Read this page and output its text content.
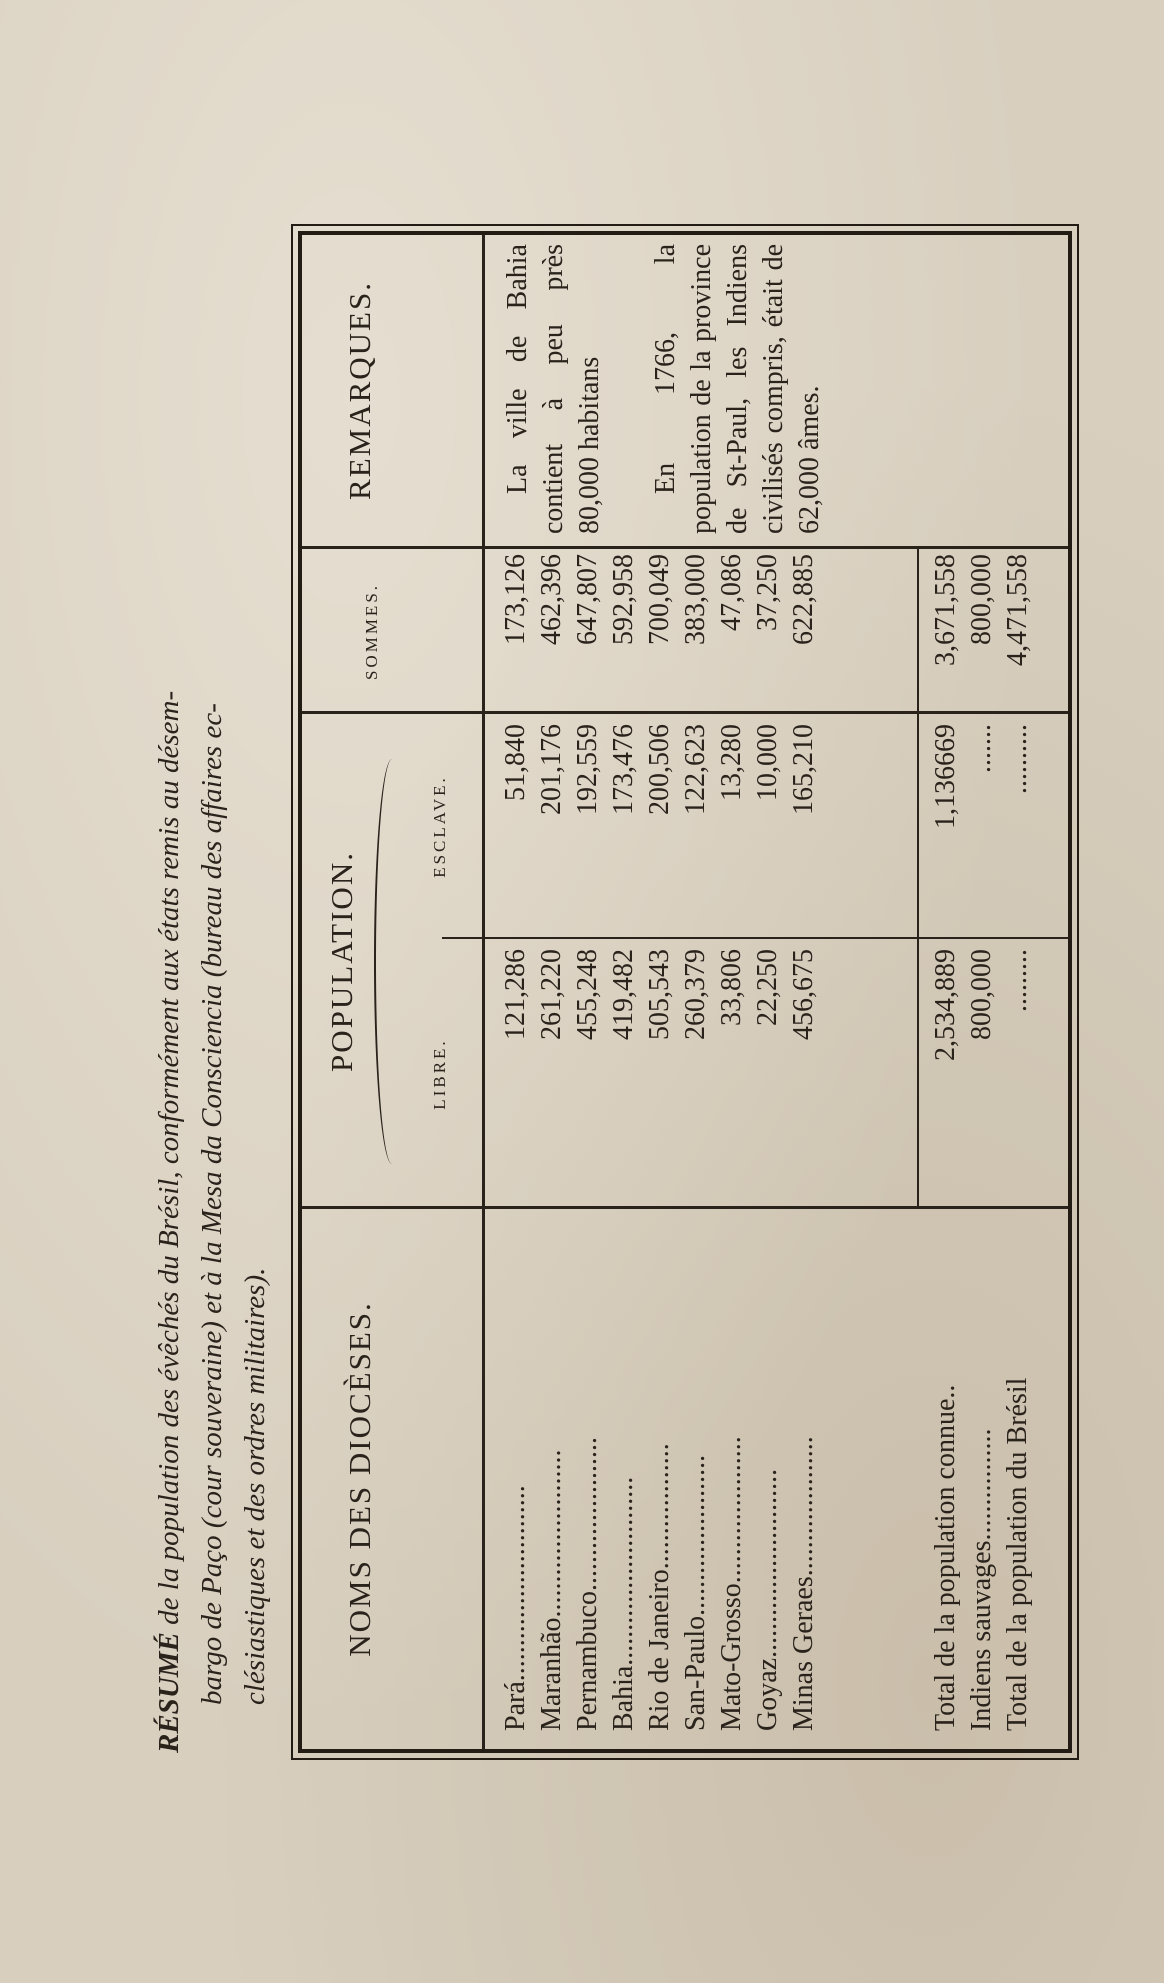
RÉSUMÉ de la population des évêchés du Brésil, conformément aux états remis au désem- bargo de Paço (cour souveraine) et à la Mesa da Consciencia (bureau des affaires ec- clésiastiques et des ordres militaires). NOMS DES DIOCÈSES.
POPULATION.
LIBRE.
ESCLAVE.
SOMMES.
REMARQUES.
Pará............................ Maranhão........................ Pernambuco...................... Bahia........................... Rio de Janeiro.................. San-Paulo....................... Mato-Grosso..................... Goyaz........................... Minas Geraes....................
121,286 261,220 455,248 419,482 505,543 260,379 33,806 22,250 456,675
51,840 201,176 192,559 173,476 200,506 122,623 13,280 10,000 165,210
173,126 462,396 647,807 592,958 700,049 383,000 47,086 37,250 622,885
Total de la population connue.. Indiens sauvages................ Total de la population du Brésil
2,534,889 800,000 .........
1,136669 ....... ..........
3,671,558 800,000 4,471,558
La ville de Bahia contient à peu près 80,000 habitans En 1766, la population de la province de St-Paul, les Indiens civilisés compris, était de 62,000 âmes.
